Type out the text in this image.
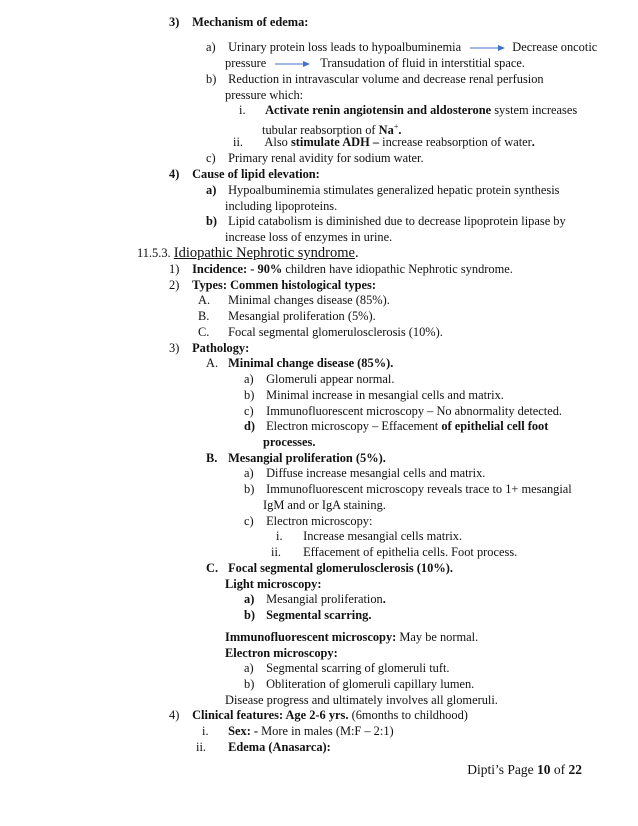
3) Mechanism of edema:
a) Urinary protein loss leads to hypoalbuminemia	Decrease oncotic
pressure	Transudation of fluid in interstitial space.
b) Reduction in intravascular volume and decrease renal perfusion
pressure which:
i. Activate renin angiotensin and aldosterone system increases
tubular reabsorption of Na+.
ii. Also stimulate ADH – increase reabsorption of water.
c) Primary renal avidity for sodium water.
4) Cause of lipid elevation:
a) Hypoalbuminemia stimulates generalized hepatic protein synthesis
including lipoproteins.
b) Lipid catabolism is diminished due to decrease lipoprotein lipase by
increase loss of enzymes in urine.
11.5.3. Idiopathic Nephrotic syndrome.
1) Incidence: - 90% children have idiopathic Nephrotic syndrome.
2) Types: Commen histological types:
A. Minimal changes disease (85%).
B. Mesangial proliferation (5%).
C. Focal segmental glomerulosclerosis (10%).
3) Pathology:
A. Minimal change disease (85%).
a) Glomeruli appear normal.
b) Minimal increase in mesangial cells and matrix.
c) Immunofluorescent microscopy – No abnormality detected.
d) Electron microscopy – Effacement of epithelial cell foot
processes.
B. Mesangial proliferation (5%).
a) Diffuse increase mesangial cells and matrix.
b) Immunofluorescent microscopy reveals trace to 1+ mesangial
IgM and or IgA staining.
c) Electron microscopy:
i. Increase mesangial cells matrix.
ii. Effacement of epithelia cells. Foot process.
C. Focal segmental glomerulosclerosis (10%).
Light microscopy:
a) Mesangial proliferation.
b) Segmental scarring.
Immunofluorescent microscopy: May be normal.
Electron microscopy:
a) Segmental scarring of glomeruli tuft.
b) Obliteration of glomeruli capillary lumen.
Disease progress and ultimately involves all glomeruli.
4) Clinical features: Age 2-6 yrs. (6months to childhood)
i. Sex: - More in males (M:F – 2:1)
ii. Edema (Anasarca):
Dipti’s Page 10 of 22
